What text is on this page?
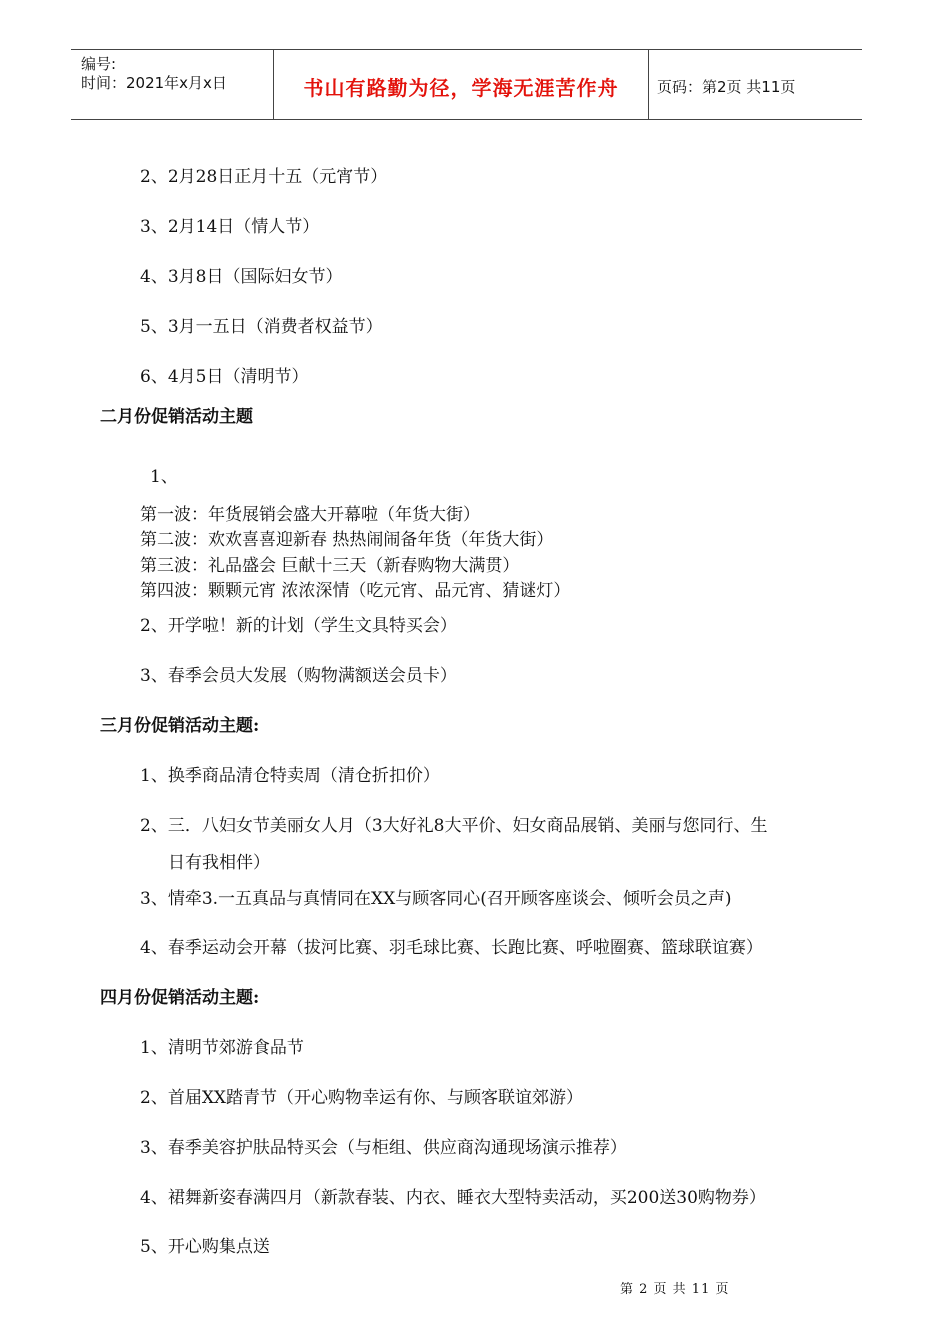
编号:
时间：2021年x月x日	书山有路勤为径，学海无涯苦作舟	页码：第2页 共11页
2、2月28日正月十五（元宵节）
3、2月14日（情人节）
4、3月8日（国际妇女节）
5、3月一五日（消费者权益节）
6、4月5日（清明节）
二月份促销活动主题
1、
第一波：年货展销会盛大开幕啦（年货大街）
第二波：欢欢喜喜迎新春 热热闹闹备年货（年货大街）
第三波：礼品盛会 巨献十三天（新春购物大满贯）
第四波：颗颗元宵 浓浓深情（吃元宵、品元宵、猜谜灯）
2、开学啦！新的计划（学生文具特买会）
3、春季会员大发展（购物满额送会员卡）
三月份促销活动主题:
1、换季商品清仓特卖周（清仓折扣价）
2、三．八妇女节美丽女人月（3大好礼8大平价、妇女商品展销、美丽与您同行、生
日有我相伴）
3、情牵3.一五真品与真情同在XX与顾客同心(召开顾客座谈会、倾听会员之声)
4、春季运动会开幕（拔河比赛、羽毛球比赛、长跑比赛、呼啦圈赛、篮球联谊赛）
四月份促销活动主题:
1、清明节郊游食品节
2、首届XX踏青节（开心购物幸运有你、与顾客联谊郊游）
3、春季美容护肤品特买会（与柜组、供应商沟通现场演示推荐）
4、裙舞新姿春满四月（新款春装、内衣、睡衣大型特卖活动，买200送30购物券）
5、开心购集点送
第 2 页 共 11 页
